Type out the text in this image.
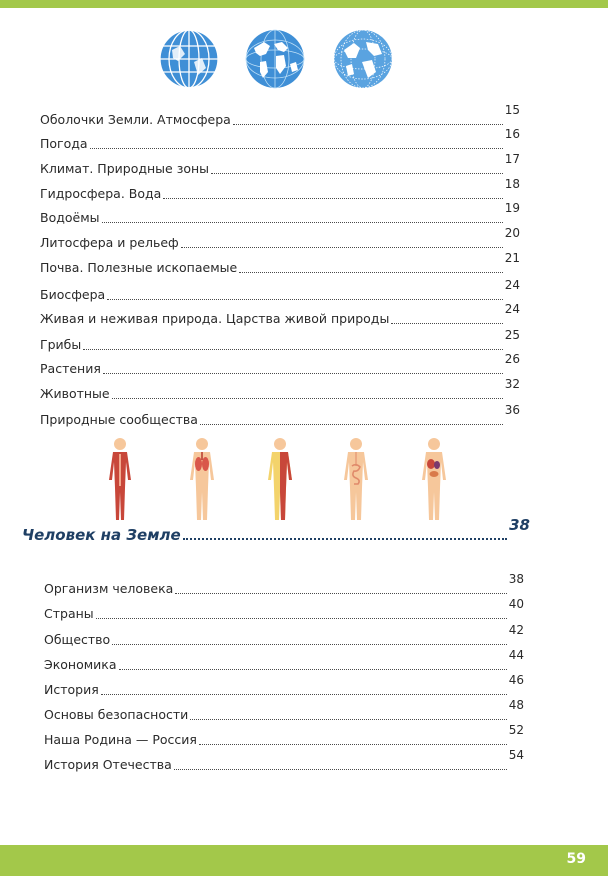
Оболочки Земли. Атмосфера
15
Погода
16
Климат. Природные зоны
17
Гидросфера. Вода
18
Водоёмы
19
Литосфера и рельеф
20
Почва. Полезные ископаемые
21
Биосфера
24
Живая и неживая природа. Царства живой природы
24
Грибы
25
Растения
26
Животные
32
Природные сообщества
36
Человек на Земле
38
Организм человека
38
Страны
40
Общество
42
Экономика
44
История
46
Основы безопасности
48
Наша Родина — Россия
52
История Отечества
54
59
